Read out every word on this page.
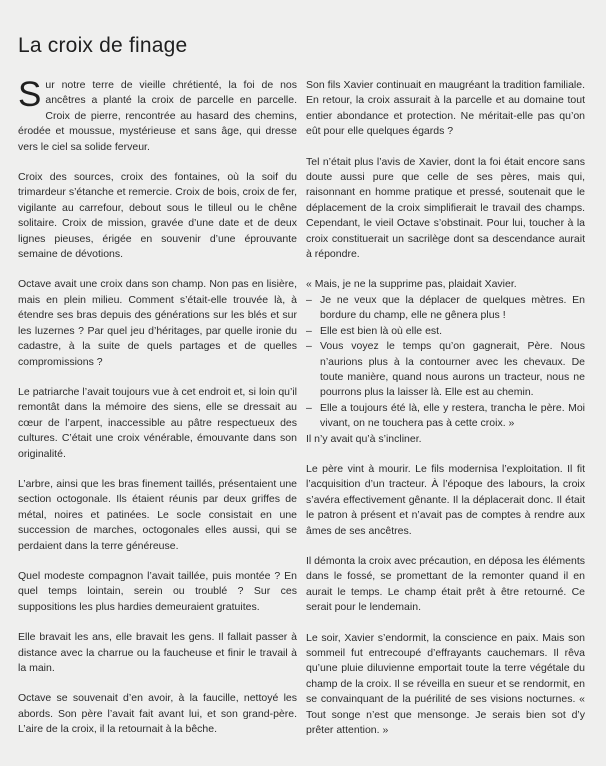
La croix de finage

Sur notre terre de vieille chrétienté, la foi de nos ancêtres a planté la croix de parcelle en parcelle. Croix de pierre, rencontrée au hasard des chemins, érodée et moussue, mystérieuse et sans âge, qui dresse vers le ciel sa solide ferveur.

Croix des sources, croix des fontaines, où la soif du trimardeur s’étanche et remercie. Croix de bois, croix de fer, vigilante au carrefour, debout sous le tilleul ou le chêne solitaire. Croix de mission, gravée d’une date et de deux lignes pieuses, érigée en souvenir d’une éprouvante semaine de dévotions.

Octave avait une croix dans son champ. Non pas en lisière, mais en plein milieu. Comment s’était-elle trouvée là, à étendre ses bras depuis des générations sur les blés et sur les luzernes ? Par quel jeu d’héritages, par quelle ironie du cadastre, à la suite de quels partages et de quelles compromissions ?

Le patriarche l’avait toujours vue à cet endroit et, si loin qu’il remontât dans la mémoire des siens, elle se dressait au cœur de l’arpent, inaccessible au pâtre respectueux des cultures. C’était une croix vénérable, émouvante dans son originalité.

L’arbre, ainsi que les bras finement taillés, présentaient une section octogonale. Ils étaient réunis par deux griffes de métal, noires et patinées. Le socle consistait en une succession de marches, octogonales elles aussi, qui se perdaient dans la terre généreuse.

Quel modeste compagnon l’avait taillée, puis montée ? En quel temps lointain, serein ou troublé ? Sur ces suppositions les plus hardies demeuraient gratuites.

Elle bravait les ans, elle bravait les gens. Il fallait passer à distance avec la charrue ou la faucheuse et finir le travail à la main.

Octave se souvenait d’en avoir, à la faucille, nettoyé les abords. Son père l’avait fait avant lui, et son grand-père. L’aire de la croix, il la retournait à la bêche.

Son fils Xavier continuait en maugréant la tradition familiale. En retour, la croix assurait à la parcelle et au domaine tout entier abondance et protection. Ne méritait-elle pas qu’on eût pour elle quelques égards ?

Tel n’était plus l’avis de Xavier, dont la foi était encore sans doute aussi pure que celle de ses pères, mais qui, raisonnant en homme pratique et pressé, soutenait que le déplacement de la croix simplifierait le travail des champs. Cependant, le vieil Octave s’obstinait. Pour lui, toucher à la croix constituerait un sacrilège dont sa descendance aurait à répondre.

« Mais, je ne la supprime pas, plaidait Xavier.

– Je ne veux que la déplacer de quelques mètres. En bordure du champ, elle ne gênera plus !

– Elle est bien là où elle est.

– Vous voyez le temps qu’on gagnerait, Père. Nous n’aurions plus à la contourner avec les chevaux. De toute manière, quand nous aurons un tracteur, nous ne pourrons plus la laisser là. Elle est au chemin.

– Elle a toujours été là, elle y restera, trancha le père. Moi vivant, on ne touchera pas à cette croix. »

Il n’y avait qu’à s’incliner.

Le père vint à mourir. Le fils modernisa l’exploitation. Il fit l’acquisition d’un tracteur. À l’époque des labours, la croix s’avéra effectivement gênante. Il la déplacerait donc. Il était le patron à présent et n’avait pas de comptes à rendre aux âmes de ses ancêtres.

Il démonta la croix avec précaution, en déposa les éléments dans le fossé, se promettant de la remonter quand il en aurait le temps. Le champ était prêt à être retourné. Ce serait pour le lendemain.

Le soir, Xavier s’endormit, la conscience en paix. Mais son sommeil fut entrecoupé d’effrayants cauchemars. Il rêva qu’une pluie diluvienne emportait toute la terre végétale du champ de la croix. Il se réveilla en sueur et se rendormit, en se convainquant de la puérilité de ses visions nocturnes. « Tout songe n’est que mensonge. Je serais bien sot d’y prêter attention. »
